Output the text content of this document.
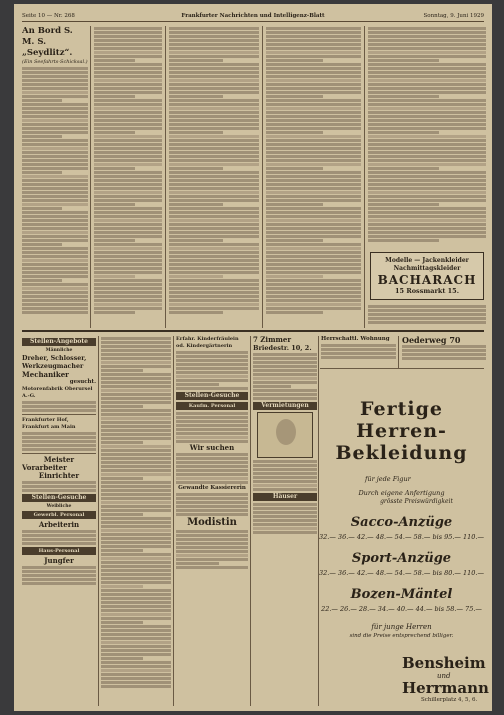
Seite 10 — Nr. 268	Frankfurter Nachrichten und Intelligenz-Blatt	Sonntag, 9. Juni 1929
An Bord S. M. S. „Seydlitz“.
(Ein Seefahrts-Schicksal.)
Modelle — Jackenkleider
Nachmittagskleider
BACHARACH
15 Rossmarkt 15.
Stellen-Angebote
Männliche
Dreher, Schlosser, Werkzeugmacher
Mechaniker
gesucht.
Motorenfabrik Oberursel A.-G.
Frankfurter Hof, Frankfurt am Main
Meister
Vorarbeiter
Einrichter
Stellen-Gesuche
Weibliche
Gewerbl. Personal
Arbeiterin
Haus-Personal
Jungfer
Erfahr. Kinderfräulein od. Kindergärtnerin
Stellen-Gesuche
Kaufm. Personal
Wir suchen
Gewandte Kassiererin
Modistin
7 Zimmer
Briedestr. 10, 2.
Vermietungen
Häuser
Herrschaftl. Wohnung	Oederweg 70
Fertige
Herren-Bekleidung
für jede Figur
Durch eigene Anfertigung
grösste Preiswürdigkeit
Sacco-Anzüge
32.— 36.— 42.— 48.— 54.— 58.— bis 95.— 110.—
Sport-Anzüge
32.— 36.— 42.— 48.— 54.— 58.— bis 80.— 110.—
Bozen-Mäntel
22.— 26.— 28.— 34.— 40.— 44.— bis 58.— 75.—
für junge Herren
sind die Preise entsprechend billiger.
Bensheim
und
Herrmann
Schillerplatz 4, 5, 6.
